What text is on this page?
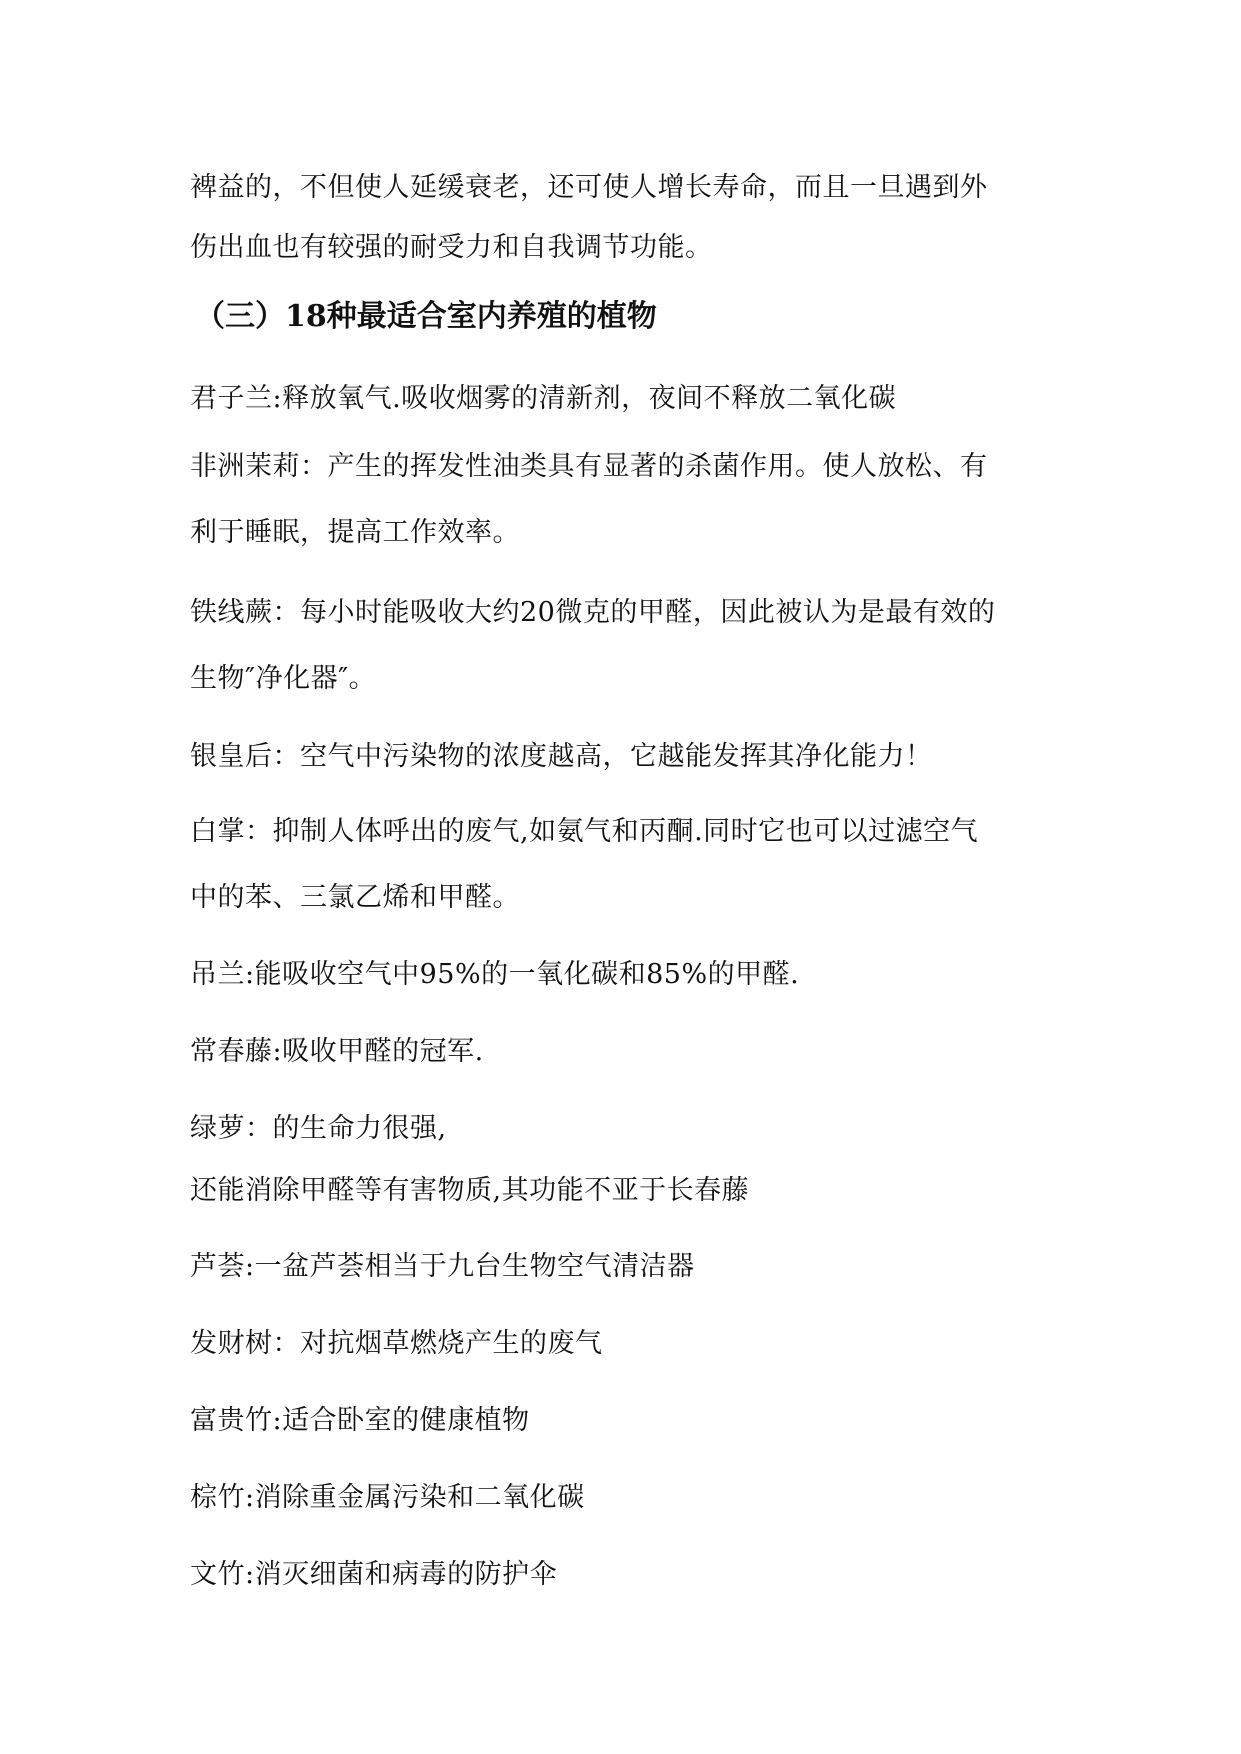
裨益的，不但使人延缓衰老，还可使人增长寿命，而且一旦遇到外
伤出血也有较强的耐受力和自我调节功能。
（三）18种最适合室内养殖的植物
君子兰:释放氧气.吸收烟雾的清新剂，夜间不释放二氧化碳
非洲茉莉：产生的挥发性油类具有显著的杀菌作用。使人放松、有
利于睡眠，提高工作效率。
铁线蕨：每小时能吸收大约20微克的甲醛，因此被认为是最有效的
生物″净化器″。
银皇后：空气中污染物的浓度越高，它越能发挥其净化能力！
白掌：抑制人体呼出的废气,如氨气和丙酮.同时它也可以过滤空气
中的苯、三氯乙烯和甲醛。
吊兰:能吸收空气中95%的一氧化碳和85%的甲醛.
常春藤:吸收甲醛的冠军.
绿萝：的生命力很强,
还能消除甲醛等有害物质,其功能不亚于长春藤
芦荟:一盆芦荟相当于九台生物空气清洁器
发财树：对抗烟草燃烧产生的废气
富贵竹:适合卧室的健康植物
棕竹:消除重金属污染和二氧化碳
文竹:消灭细菌和病毒的防护伞
